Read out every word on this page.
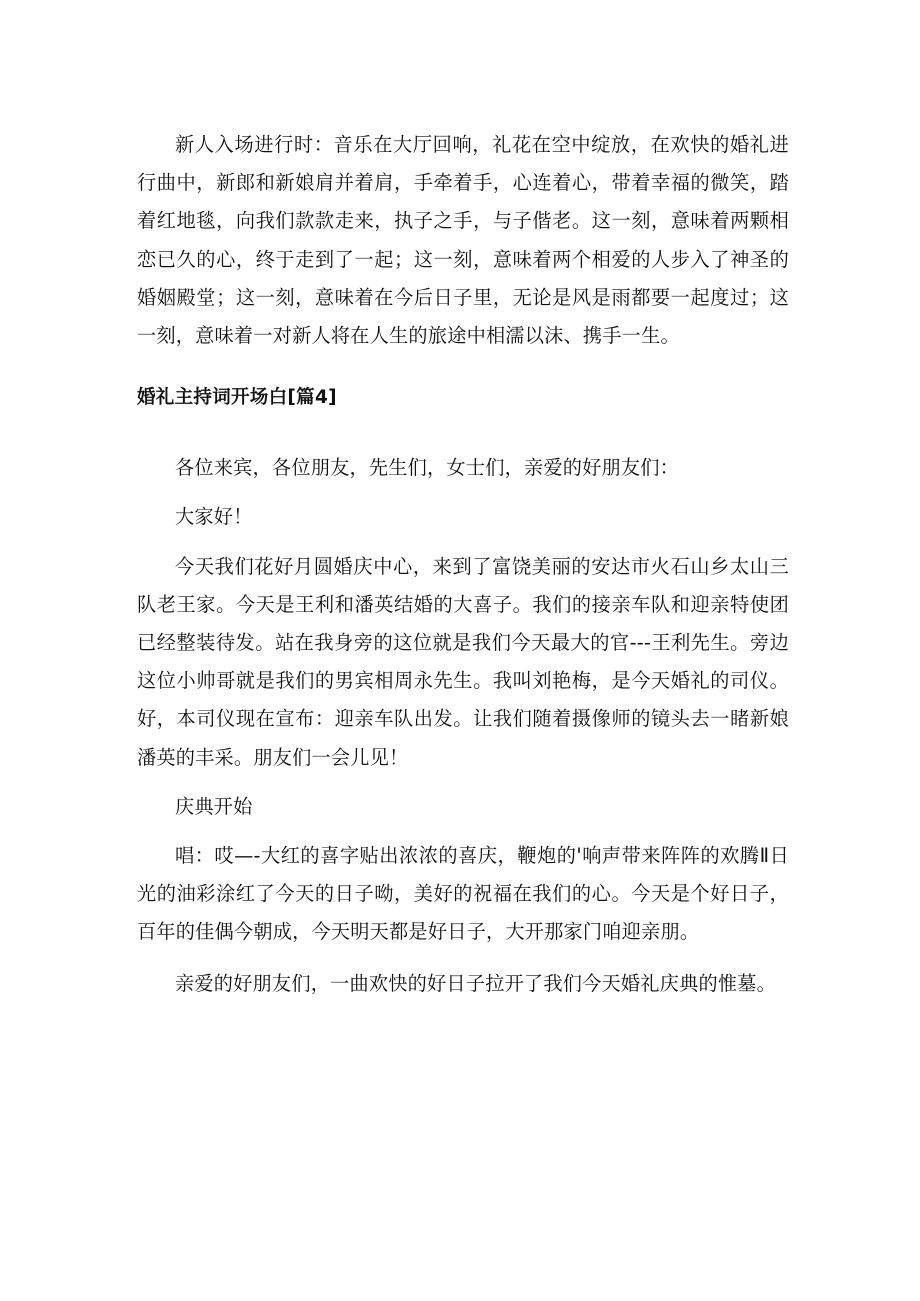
新人入场进行时：音乐在大厅回响，礼花在空中绽放，在欢快的婚礼进行曲中，新郎和新娘肩并着肩，手牵着手，心连着心，带着幸福的微笑，踏着红地毯，向我们款款走来，执子之手，与子偕老。这一刻，意味着两颗相恋已久的心，终于走到了一起；这一刻，意味着两个相爱的人步入了神圣的婚姻殿堂；这一刻，意味着在今后日子里，无论是风是雨都要一起度过；这一刻，意味着一对新人将在人生的旅途中相濡以沫、携手一生。

婚礼主持词开场白[篇4]

各位来宾，各位朋友，先生们，女士们，亲爱的好朋友们：

大家好！

今天我们花好月圆婚庆中心，来到了富饶美丽的安达市火石山乡太山三队老王家。今天是王利和潘英结婚的大喜子。我们的接亲车队和迎亲特使团已经整装待发。站在我身旁的这位就是我们今天最大的官---王利先生。旁边这位小帅哥就是我们的男宾相周永先生。我叫刘艳梅，是今天婚礼的司仪。好，本司仪现在宣布：迎亲车队出发。让我们随着摄像师的镜头去一睹新娘潘英的丰采。朋友们一会儿见！

庆典开始

唱：哎—-大红的喜字贴出浓浓的喜庆，鞭炮的'响声带来阵阵的欢腾Ⅱ日光的油彩涂红了今天的日子呦，美好的祝福在我们的心。今天是个好日子，百年的佳偶今朝成，今天明天都是好日子，大开那家门咱迎亲朋。

亲爱的好朋友们，一曲欢快的好日子拉开了我们今天婚礼庆典的惟墓。
